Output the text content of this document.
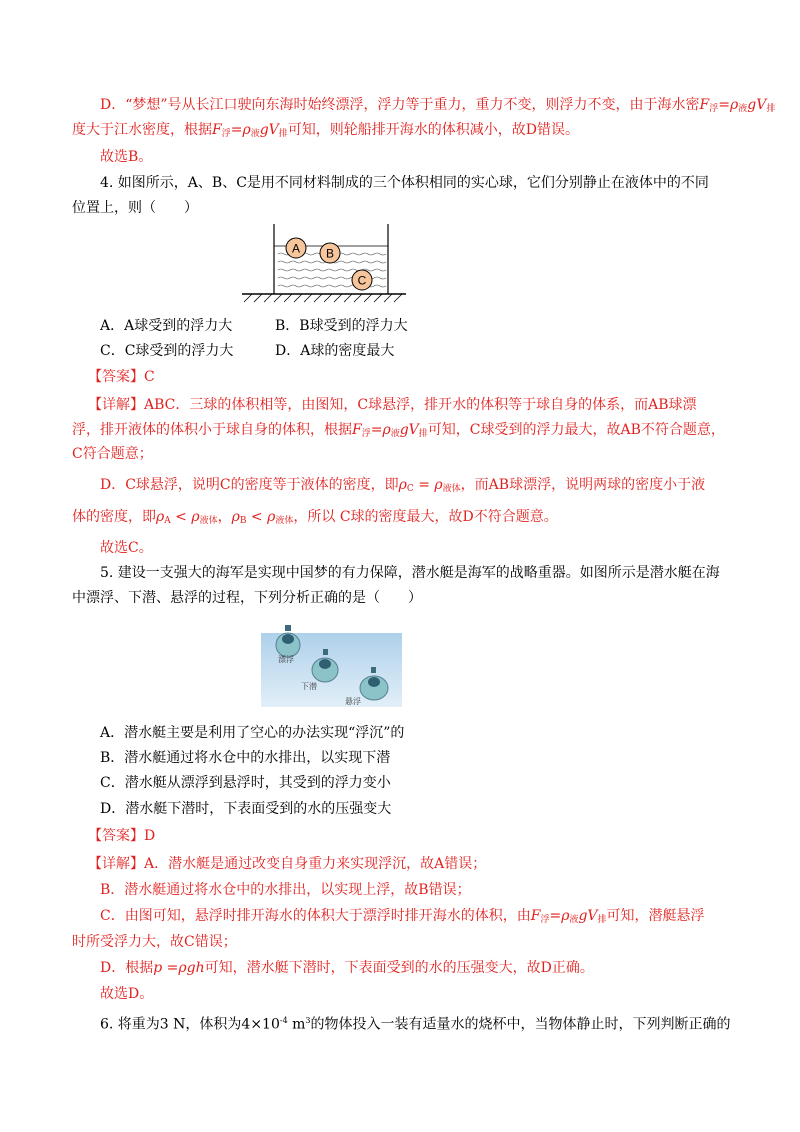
D．“梦想”号从长江口驶向东海时始终漂浮，浮力等于重力，重力不变，则浮力不变，由于海水密F浮=ρ液gV排
度大于江水密度，根据F浮=ρ液gV排可知，则轮船排开海水的体积减小，故D错误。
故选B。
4. 如图所示，A、B、C是用不同材料制成的三个体积相同的实心球，它们分别静止在液体中的不同
位置上，则（　　）
A B
C
A．A球受到的浮力大	B．B球受到的浮力大
C．C球受到的浮力大	D．A球的密度最大
【答案】C
【详解】ABC．三球的体积相等，由图知，C球悬浮，排开水的体积等于球自身的体系，而AB球漂
浮，排开液体的体积小于球自身的体积，根据F浮=ρ液gV排可知，C球受到的浮力最大，故AB不符合题意，
C符合题意；
D．C球悬浮，说明C的密度等于液体的密度，即ρC = ρ液体，而AB球漂浮，说明两球的密度小于液
体的密度，即ρA < ρ液体，ρB < ρ液体，所以 C球的密度最大，故D不符合题意。
故选C。
5. 建设一支强大的海军是实现中国梦的有力保障，潜水艇是海军的战略重器。如图所示是潜水艇在海
中漂浮、下潜、悬浮的过程，下列分析正确的是（　　）
漂浮
下潜
悬浮
A．潜水艇主要是利用了空心的办法实现“浮沉”的
B．潜水艇通过将水仓中的水排出，以实现下潜
C．潜水艇从漂浮到悬浮时，其受到的浮力变小
D．潜水艇下潜时，下表面受到的水的压强变大
【答案】D
【详解】A．潜水艇是通过改变自身重力来实现浮沉，故A错误；
B．潜水艇通过将水仓中的水排出，以实现上浮，故B错误；
C．由图可知，悬浮时排开海水的体积大于漂浮时排开海水的体积，由F浮=ρ液gV排可知，潜艇悬浮
时所受浮力大，故C错误；
D．根据p =ρgh可知，潜水艇下潜时，下表面受到的水的压强变大，故D正确。
故选D。
6. 将重为3 N，体积为$4\times 10^{-4}$ $m^3$的物体投入一装有适量水的烧杯中，当物体静止时，下列判断正确的
